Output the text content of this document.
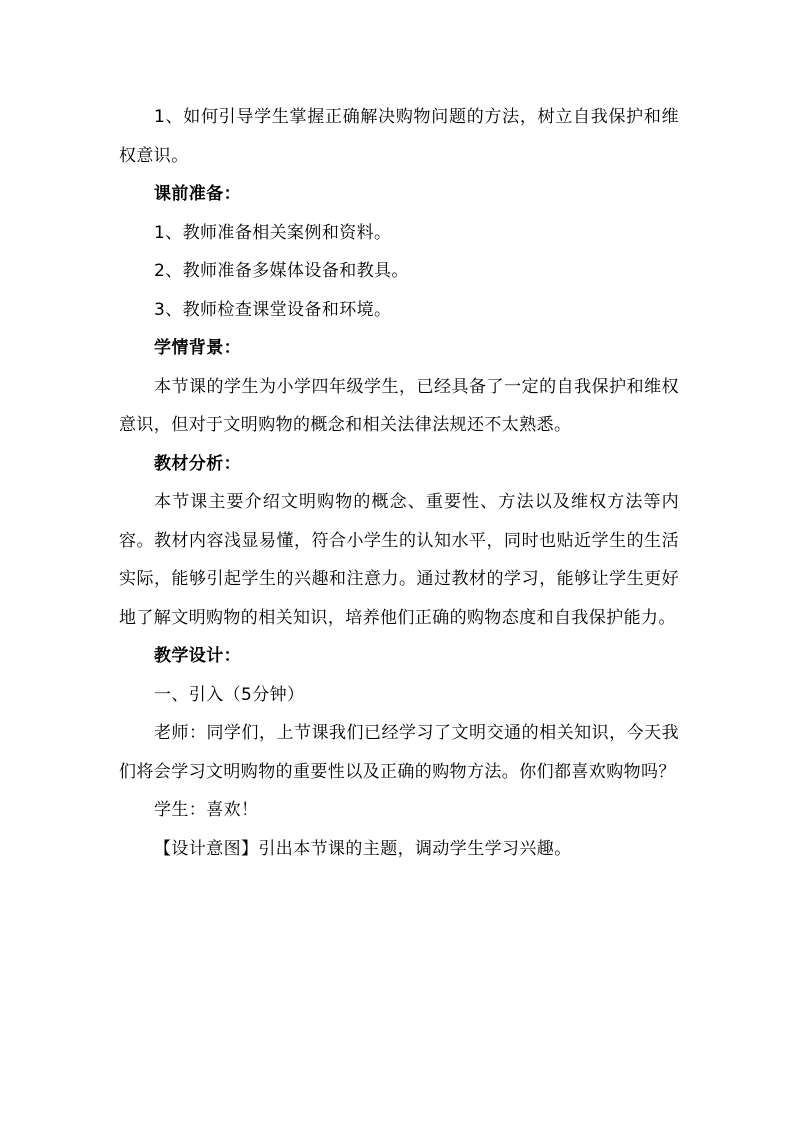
1、如何引导学生掌握正确解决购物问题的方法，树立自我保护和维权意识。

课前准备：

1、教师准备相关案例和资料。

2、教师准备多媒体设备和教具。

3、教师检查课堂设备和环境。

学情背景：

本节课的学生为小学四年级学生，已经具备了一定的自我保护和维权意识，但对于文明购物的概念和相关法律法规还不太熟悉。

教材分析：

本节课主要介绍文明购物的概念、重要性、方法以及维权方法等内容。教材内容浅显易懂，符合小学生的认知水平，同时也贴近学生的生活实际，能够引起学生的兴趣和注意力。通过教材的学习，能够让学生更好地了解文明购物的相关知识，培养他们正确的购物态度和自我保护能力。

教学设计：

一、引入（5分钟）

老师：同学们，上节课我们已经学习了文明交通的相关知识，今天我们将会学习文明购物的重要性以及正确的购物方法。你们都喜欢购物吗？

学生：喜欢！

【设计意图】引出本节课的主题，调动学生学习兴趣。
